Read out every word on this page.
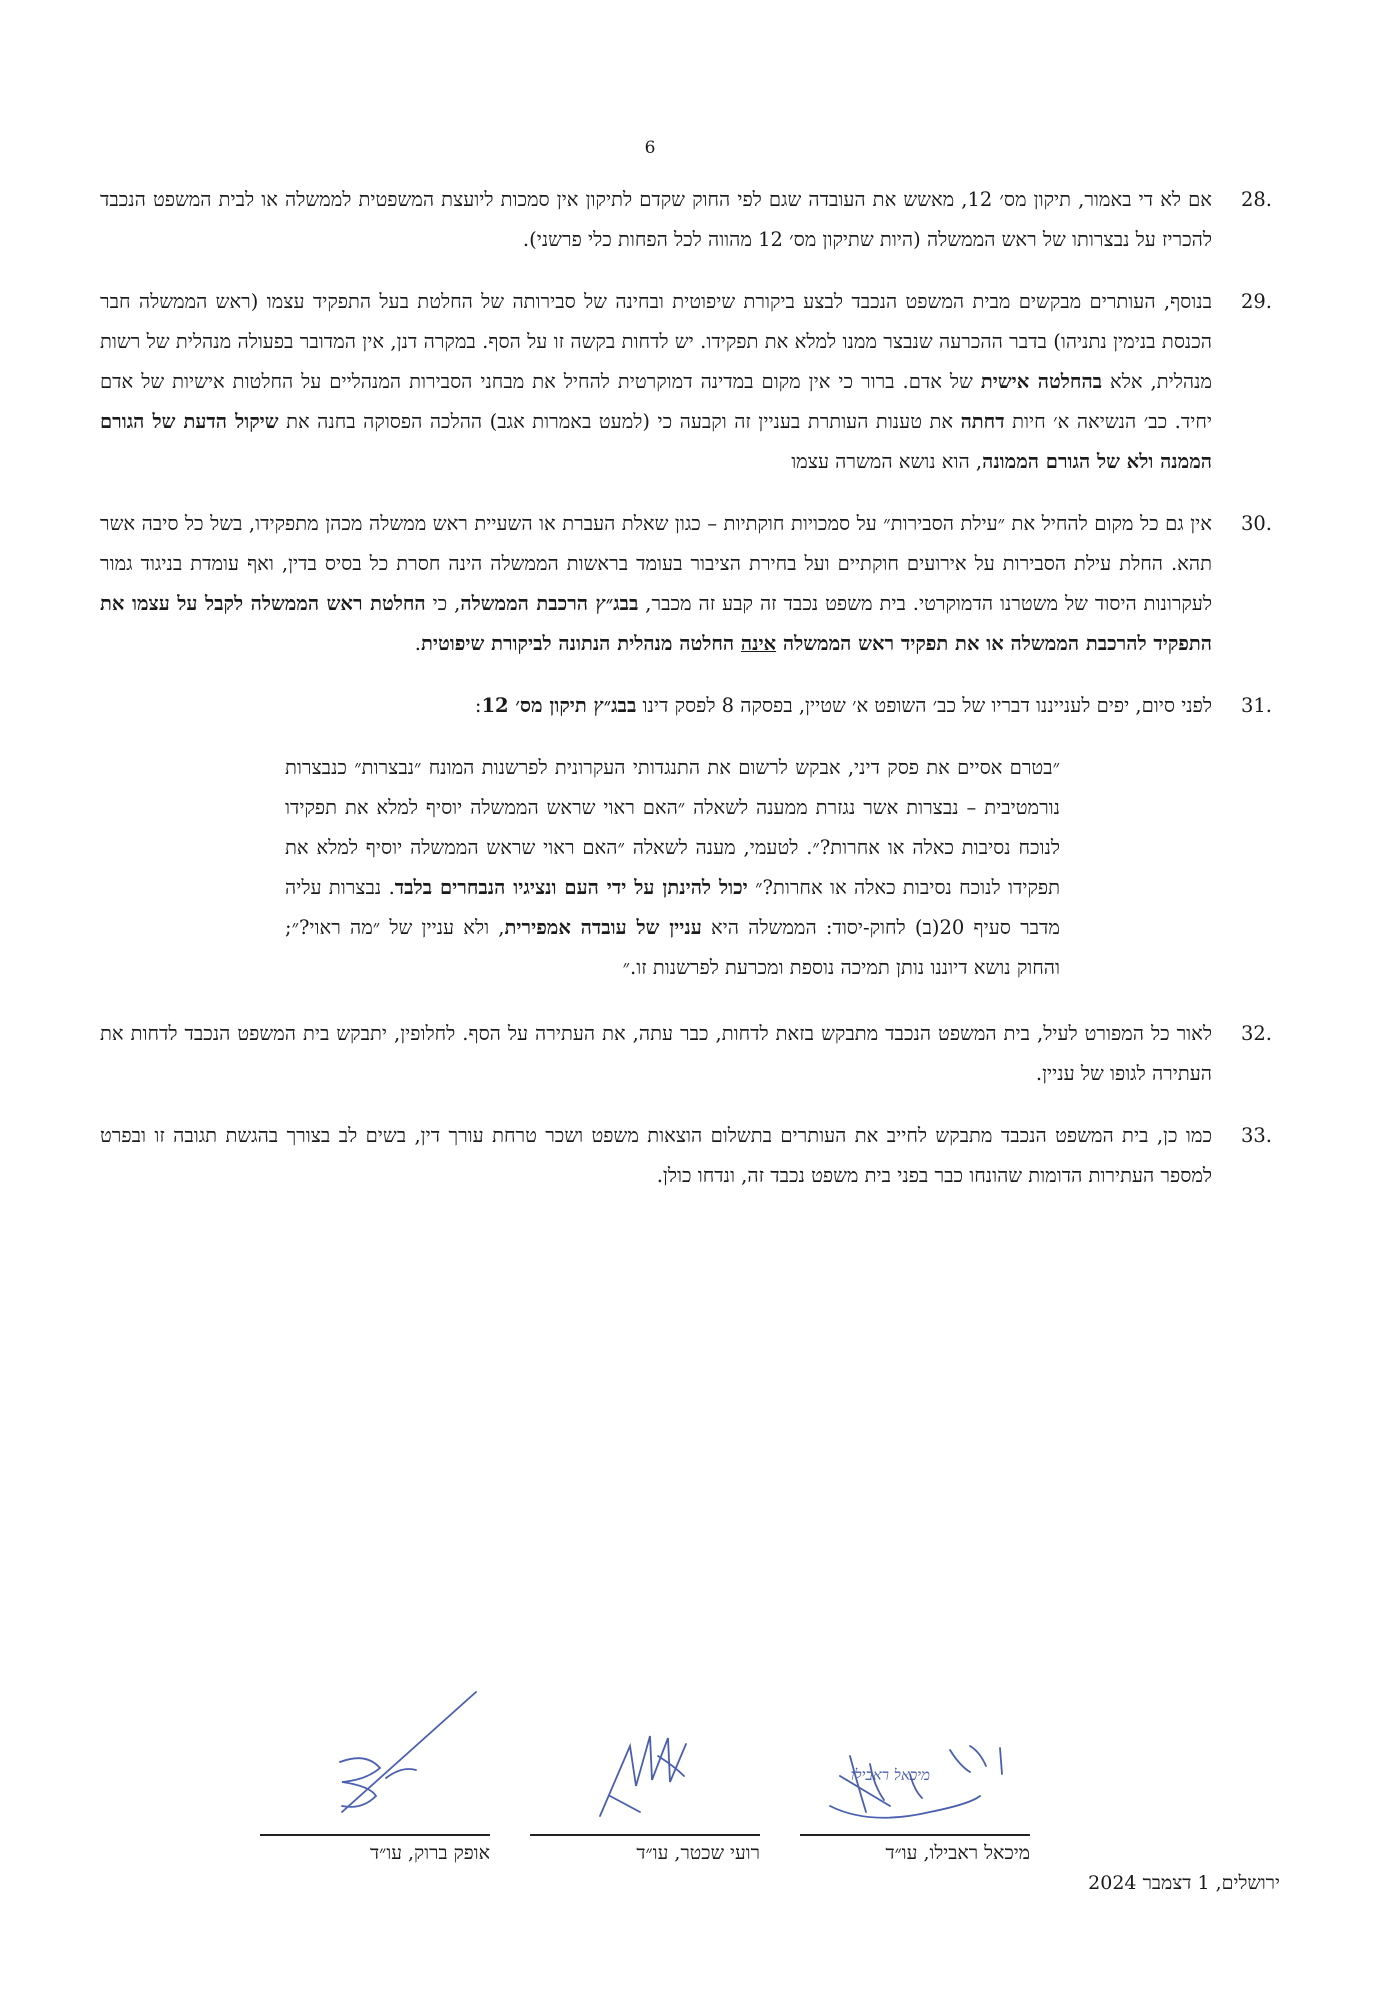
6
28.
אם לא די באמור, תיקון מס׳ 12, מאשש את העובדה שגם לפי החוק שקדם לתיקון אין סמכות ליועצת המשפטית לממשלה או לבית המשפט הנכבד להכריז על נבצרותו של ראש הממשלה (היות שתיקון מס׳ 12 מהווה לכל הפחות כלי פרשני).
29.
בנוסף, העותרים מבקשים מבית המשפט הנכבד לבצע ביקורת שיפוטית ובחינה של סבירותה של החלטת בעל התפקיד עצמו (ראש הממשלה חבר הכנסת בנימין נתניהו) בדבר ההכרעה שנבצר ממנו למלא את תפקידו. יש לדחות בקשה זו על הסף. במקרה דנן, אין המדובר בפעולה מנהלית של רשות מנהלית, אלא בהחלטה אישית של אדם. ברור כי אין מקום במדינה דמוקרטית להחיל את מבחני הסבירות המנהליים על החלטות אישיות של אדם יחיד. כב׳ הנשיאה א׳ חיות דחתה את טענות העותרת בעניין זה וקבעה כי (למעט באמרות אגב) ההלכה הפסוקה בחנה את שיקול הדעת של הגורם הממנה ולא של הגורם הממונה, הוא נושא המשרה עצמו
30.
אין גם כל מקום להחיל את ״עילת הסבירות״ על סמכויות חוקתיות – כגון שאלת העברת או השעיית ראש ממשלה מכהן מתפקידו, בשל כל סיבה אשר תהא. החלת עילת הסבירות על אירועים חוקתיים ועל בחירת הציבור בעומד בראשות הממשלה הינה חסרת כל בסיס בדין, ואף עומדת בניגוד גמור לעקרונות היסוד של משטרנו הדמוקרטי. בית משפט נכבד זה קבע זה מכבר, בבג״ץ הרכבת הממשלה, כי החלטת ראש הממשלה לקבל על עצמו את התפקיד להרכבת הממשלה או את תפקיד ראש הממשלה אינה החלטה מנהלית הנתונה לביקורת שיפוטית.
31.
לפני סיום, יפים לענייננו דבריו של כב׳ השופט א׳ שטיין, בפסקה 8 לפסק דינו בבג״ץ תיקון מס׳ 12:
״בטרם אסיים את פסק דיני, אבקש לרשום את התנגדותי העקרונית לפרשנות המונח ״נבצרות״ כנבצרות נורמטיבית – נבצרות אשר נגזרת ממענה לשאלה ״האם ראוי שראש הממשלה יוסיף למלא את תפקידו לנוכח נסיבות כאלה או אחרות?״. לטעמי, מענה לשאלה ״האם ראוי שראש הממשלה יוסיף למלא את תפקידו לנוכח נסיבות כאלה או אחרות?״ יכול להינתן על ידי העם ונציגיו הנבחרים בלבד. נבצרות עליה מדבר סעיף 20(ב) לחוק-יסוד: הממשלה היא עניין של עובדה אמפירית, ולא עניין של ״מה ראוי?״; והחוק נושא דיוננו נותן תמיכה נוספת ומכרעת לפרשנות זו.״
32.
לאור כל המפורט לעיל, בית המשפט הנכבד מתבקש בזאת לדחות, כבר עתה, את העתירה על הסף. לחלופין, יתבקש בית המשפט הנכבד לדחות את העתירה לגופו של עניין.
33.
כמו כן, בית המשפט הנכבד מתבקש לחייב את העותרים בתשלום הוצאות משפט ושכר טרחת עורך דין, בשים לב בצורך בהגשת תגובה זו ובפרט למספר העתירות הדומות שהונחו כבר בפני בית משפט נכבד זה, ונדחו כולן.
מיכאל ראבילו
מיכאל ראבילו, עו״ד
רועי שכטר, עו״ד
אופק ברוק, עו״ד
ירושלים, 1 דצמבר 2024
